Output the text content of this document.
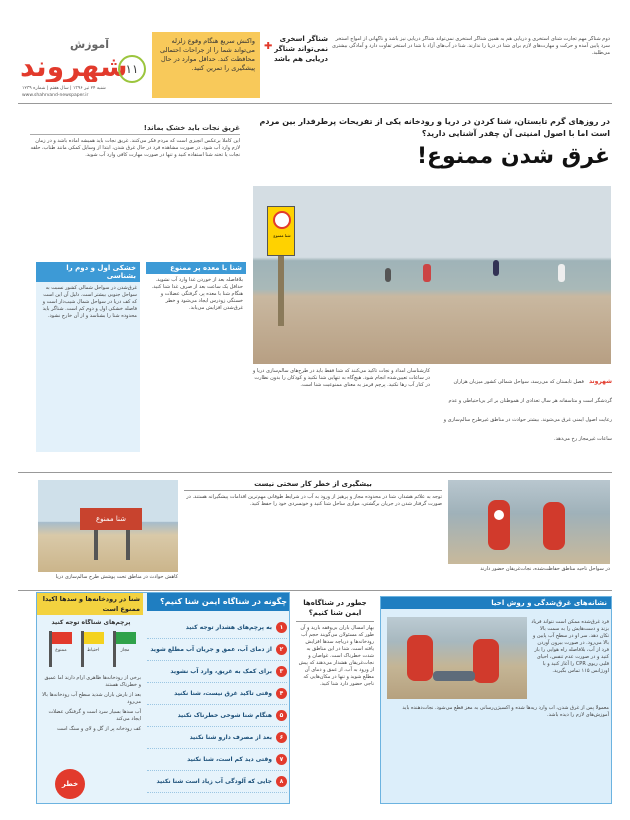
آموزش
شهروند
شنبه ۲۴ تیر ۱۳۹۶ | سال هفتم | شماره ۱۲۳۹
www.shahrvand-newspaper.ir
۱۱
واکنش سریع هنگام وقوع زلزله می‌تواند شما را از جراحات احتمالی محافظت کند. حداقل موارد در حال پیشگیری را تمرین کنید.
شناگر اسخری نمی‌تواند شناگر دریایی هم باشد
✚
دوم شناگر مهم تجارت شنای استخری و دریایی هم به همین شناگر استخری نمی‌تواند شناگر دریایی نیز باشد و ناگهانی از امواج استخر سرد پایین آمده و حرکت و مهارت‌های لازم برای شنا در دریا را ندارند. شنا در آب‌های آزاد با شنا در استخر تفاوت دارد و آمادگی بیشتری می‌طلبد.
در روزهای گرم تابستان، شنا کردن در دریا و رودخانه یکی از تفریحات پرطرفدار بین مردم است اما با اصول امنیتی آن چقدر آشنایی دارید؟
غرق شدن ممنوع!
غریق نجات باید خشک بماند!
این کاملا برعکس آنچیزی است که مردم فکر می‌کنند. غریق نجات باید همیشه آماده باشد و در زمان لازم وارد آب شود. در صورت مشاهده فرد در حال غرق شدن، ابتدا از وسایل کمکی مانند طناب، حلقه نجات یا تخته شنا استفاده کنید و تنها در صورت مهارت کافی وارد آب شوید.
شنا ممنوع
شنا با معده پر ممنوع
بلافاصله بعد از خوردن غذا وارد آب نشوید. حداقل یک ساعت بعد از صرف غذا شنا کنید. هنگام شنا با معده پر، گرفتگی عضلات و خستگی زودرس ایجاد می‌شود و خطر غرق‌شدن افزایش می‌یابد.
خشکی اول و دوم را بشناسی
غرق‌شدن در سواحل شمالی کشور نسبت به سواحل جنوبی بیشتر است. دلیل آن این است که کف دریا در سواحل شمال شیب‌دار است و فاصله خشکی اول و دوم کم است. شناگر باید محدوده شنا را بشناسد و از آن خارج نشود.
کارشناسان امداد و نجات تاکید می‌کنند که شنا فقط باید در طرح‌های سالم‌سازی دریا و در ساعات تعیین‌شده انجام شود. هیچ‌گاه به تنهایی شنا نکنید و کودکان را بدون نظارت در کنار آب رها نکنید. پرچم قرمز به معنای ممنوعیت شنا است.	شهروند فصل تابستان که می‌رسد، سواحل شمالی کشور میزبان هزاران گردشگر است و متاسفانه هر سال تعدادی از هموطنان بر اثر بی‌احتیاطی و عدم رعایت اصول ایمنی غرق می‌شوند. بیشتر حوادث در مناطق غیرطرح سالم‌سازی و ساعات غیرمجاز رخ می‌دهد.
شنا ممنوع
کاهش حوادث در مناطق تحت پوشش طرح سالم‌سازی دریا
بیشگیری از خطر کار سختی نیست
توجه به علائم هشدار، شنا در محدوده مجاز و پرهیز از ورود به آب در شرایط طوفانی مهم‌ترین اقدامات پیشگیرانه هستند. در صورت گرفتار شدن در جریان برگشتی، موازی ساحل شنا کنید و خونسردی خود را حفظ کنید.
در سواحل ناحیه مناطق حفاظت‌شده، نجات‌غریقان حضور دارند
چگونه در شناگاه ایمن شنا کنیم؟
شنا در رودخانه‌ها و سدها اکیدا ممنوع است
پرچم‌های شناگاه توجه کنید
ممنوع	احتیاط	مجاز
برخی از رودخانه‌ها ظاهری آرام دارند اما عمیق و خطرناک هستند
بعد از بارش باران شدید سطح آب رودخانه‌ها بالا می‌رود
آب سدها بسیار سرد است و گرفتگی عضلات ایجاد می‌کند
کف رودخانه پر از گل و لای و سنگ است
خطر
۱
به پرچم‌های هشدار توجه کنید
۲
از دمای آب، عمق و جریان آب مطلع شوید
۳
برای کمک به غریق، وارد آب نشوید
۴
وقتی تاکید غرق نیست، شنا نکنید
۵
هنگام شنا شوخی خطرناک نکنید
۶
بعد از مصرف دارو شنا نکنید
۷
وقتی دید کم است، شنا نکنید
۸
جایی که آلودگی آب زیاد است شنا نکنید
جطور در شناگاه‌ها ایمن شنا کنیم؟
بهار امسال باران بی‌وقفه بارید و آن طور که مسئولان می‌گویند حجم آب رودخانه‌ها و دریاچه سدها افزایش یافته است. شنا در این مناطق به شدت خطرناک است. غواصان و نجات‌غریقان هشدار می‌دهند که پیش از ورود به آب، از عمق و دمای آن مطلع شوید و تنها در مکان‌هایی که ناجی حضور دارد شنا کنید.
نشانه‌های غرق‌شدگی و روش احیا
فرد غرق‌شده ممکن است نتواند فریاد بزند و دست‌هایش را به سمت بالا تکان دهد. سر او در سطح آب پایین و بالا می‌رود. در صورت بیرون آوردن فرد از آب، بلافاصله راه هوایی را باز کنید و در صورت عدم تنفس، احیای قلبی ریوی CPR را آغاز کنید و با اورژانس ۱۱۵ تماس بگیرید.
معمولا پس از غرق شدن، آب وارد ریه‌ها شده و اکسیژن‌رسانی به مغز قطع می‌شود. نجات‌دهنده باید آموزش‌های لازم را دیده باشد.
